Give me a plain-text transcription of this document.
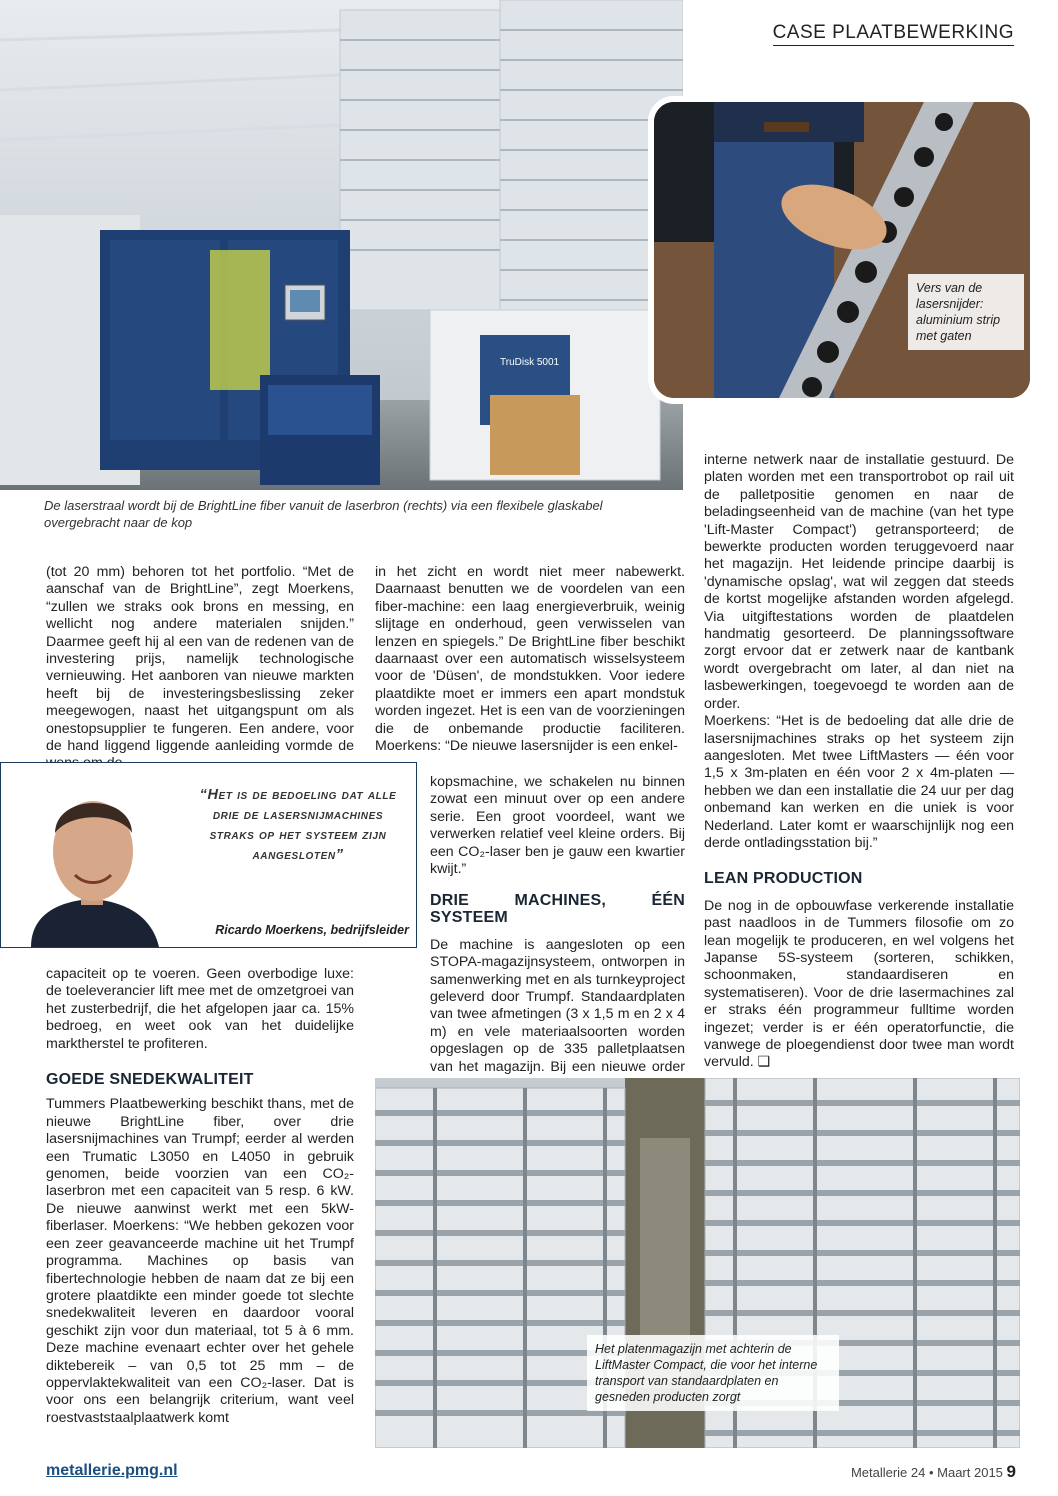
CASE PLAATBEWERKING
TruDisk 5001
Vers van de lasersnijder: aluminium strip met gaten
De laserstraal wordt bij de BrightLine fiber vanuit de laserbron (rechts) via een flexibele glaskabel overgebracht naar de kop

(tot 20 mm) behoren tot het portfolio. “Met de aanschaf van de BrightLine”, zegt Moerkens, “zullen we straks ook brons en messing, en wellicht nog andere materialen snijden.” Daarmee geeft hij al een van de redenen van de investering prijs, namelijk technologische vernieuwing. Het aanboren van nieuwe markten heeft bij de investeringsbeslissing zeker meegewogen, naast het uitgangspunt om als onestopsupplier te fungeren. Een andere, voor de hand liggend liggende aanleiding vormde de

“Het is de bedoeling dat alle drie de lasersnijmachines straks op het systeem zijn aangesloten”
Ricardo Moerkens, bedrijfsleider

capaciteit op te voeren. Geen overbodige luxe: de toeleverancier lift mee met de omzetgroei van het zusterbedrijf, die het afgelopen jaar ca. 15% bedroeg, en weet ook van het duidelijke marktherstel te profiteren.

GOEDE SNEDEKWALITEIT

Tummers Plaatbewerking beschikt thans, met de nieuwe BrightLine fiber, over drie lasersnijmachines van Trumpf; eerder al werden een Trumatic L3050 en L4050 in gebruik genomen, beide voorzien van een CO₂-laserbron met een capaciteit van 5 resp. 6 kW. De nieuwe aanwinst werkt met een 5kW-fiberlaser. Moerkens: “We hebben gekozen voor een zeer geavanceerde machine uit het Trumpf programma. Machines op basis van fibertechnologie hebben de naam dat ze bij een grotere plaatdikte een minder goede tot slechte snedekwaliteit leveren en daardoor vooral geschikt zijn voor dun materiaal, tot 5 à 6 mm. Deze machine evenaart echter over het gehele diktebereik – van 0,5 tot 25 mm – de oppervlaktekwaliteit van een CO₂-laser. Dat is voor ons een belangrijk criterium, want veel roestvaststaalplaatwerk komt

in het zicht en wordt niet meer nabewerkt. Daarnaast benutten we de voordelen van een fiber-machine: een laag energieverbruik, weinig slijtage en onderhoud, geen verwisselen van lenzen en spiegels.” De BrightLine fiber beschikt daarnaast over een automatisch wisselsysteem voor de 'Düsen', de mondstukken. Voor iedere plaatdikte moet er immers een apart mondstuk worden ingezet. Het is een van de voorzieningen die de onbemande productie faciliteren. Moerkens: “De nieuwe lasersnijder is een enkel-

kopsmachine, we schakelen nu binnen zowat een minuut over op een andere serie. Een groot voordeel, want we verwerken relatief veel kleine orders. Bij een CO₂-laser ben je gauw een kwartier kwijt.”

DRIE MACHINES, ÉÉN SYSTEEM

De machine is aangesloten op een STOPA-magazijnsysteem, ontworpen in samenwerking met en als turnkeyproject geleverd door Trumpf. Standaardplaten van twee afmetingen (3 x 1,5 m en 2 x 4 m) en vele materiaalsoorten worden opgeslagen op de 335 palletplaatsen van het magazijn. Bij een nieuwe order

interne netwerk naar de installatie gestuurd. De platen worden met een transportrobot op rail uit de palletpositie genomen en naar de beladingseenheid van de machine (van het type 'Lift-Master Compact') getransporteerd; de bewerkte producten worden teruggevoerd naar het magazijn. Het leidende principe daarbij is 'dynamische opslag', wat wil zeggen dat steeds de kortst mogelijke afstanden worden afgelegd. Via uitgiftestations worden de plaatdelen handmatig gesorteerd. De planningssoftware zorgt ervoor dat er zetwerk naar de kantbank wordt overgebracht om later, al dan niet na lasbewerkingen, toegevoegd te worden aan de order.

Moerkens: “Het is de bedoeling dat alle drie de lasersnijmachines straks op het systeem zijn aangesloten. Met twee LiftMasters — één voor 1,5 x 3m-platen en één voor 2 x 4m-platen — hebben we dan een installatie die 24 uur per dag onbemand kan werken en die uniek is voor Nederland. Later komt er waarschijnlijk nog een derde ontladingsstation bij.”

LEAN PRODUCTION

De nog in de opbouwfase verkerende installatie past naadloos in de Tummers filosofie om zo lean mogelijk te produceren, en wel volgens het Japanse 5S-systeem (sorteren, schikken, schoonmaken, standaardiseren en systematiseren). Voor de drie lasermachines zal er straks één programmeur fulltime worden ingezet; verder is er één operatorfunctie, die vanwege de ploegendienst door twee man wordt vervuld. ❑

Het platenmagazijn met achterin de LiftMaster Compact, die voor het interne transport van standaardplaten en gesneden producten zorgt
metallerie.pmg.nl	Metallerie 24 • Maart 2015 9
